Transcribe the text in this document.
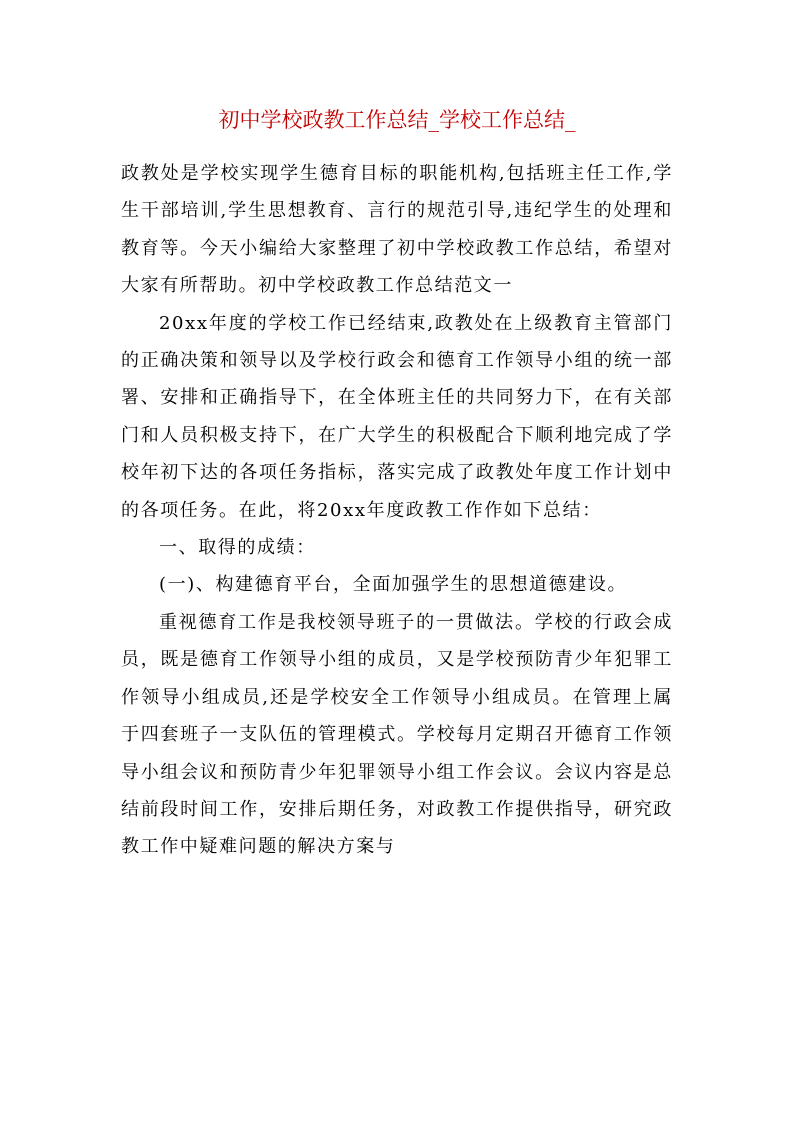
初中学校政教工作总结_学校工作总结_

政教处是学校实现学生德育目标的职能机构,包括班主任工作,学生干部培训,学生思想教育、言行的规范引导,违纪学生的处理和教育等。今天小编给大家整理了初中学校政教工作总结，希望对大家有所帮助。初中学校政教工作总结范文一

20xx年度的学校工作已经结束,政教处在上级教育主管部门的正确决策和领导以及学校行政会和德育工作领导小组的统一部署、安排和正确指导下，在全体班主任的共同努力下，在有关部门和人员积极支持下，在广大学生的积极配合下顺利地完成了学校年初下达的各项任务指标，落实完成了政教处年度工作计划中的各项任务。在此，将20xx年度政教工作作如下总结：

一、取得的成绩：

(一)、构建德育平台，全面加强学生的思想道德建设。

重视德育工作是我校领导班子的一贯做法。学校的行政会成员，既是德育工作领导小组的成员，又是学校预防青少年犯罪工作领导小组成员,还是学校安全工作领导小组成员。在管理上属于四套班子一支队伍的管理模式。学校每月定期召开德育工作领导小组会议和预防青少年犯罪领导小组工作会议。会议内容是总结前段时间工作，安排后期任务，对政教工作提供指导，研究政教工作中疑难问题的解决方案与
